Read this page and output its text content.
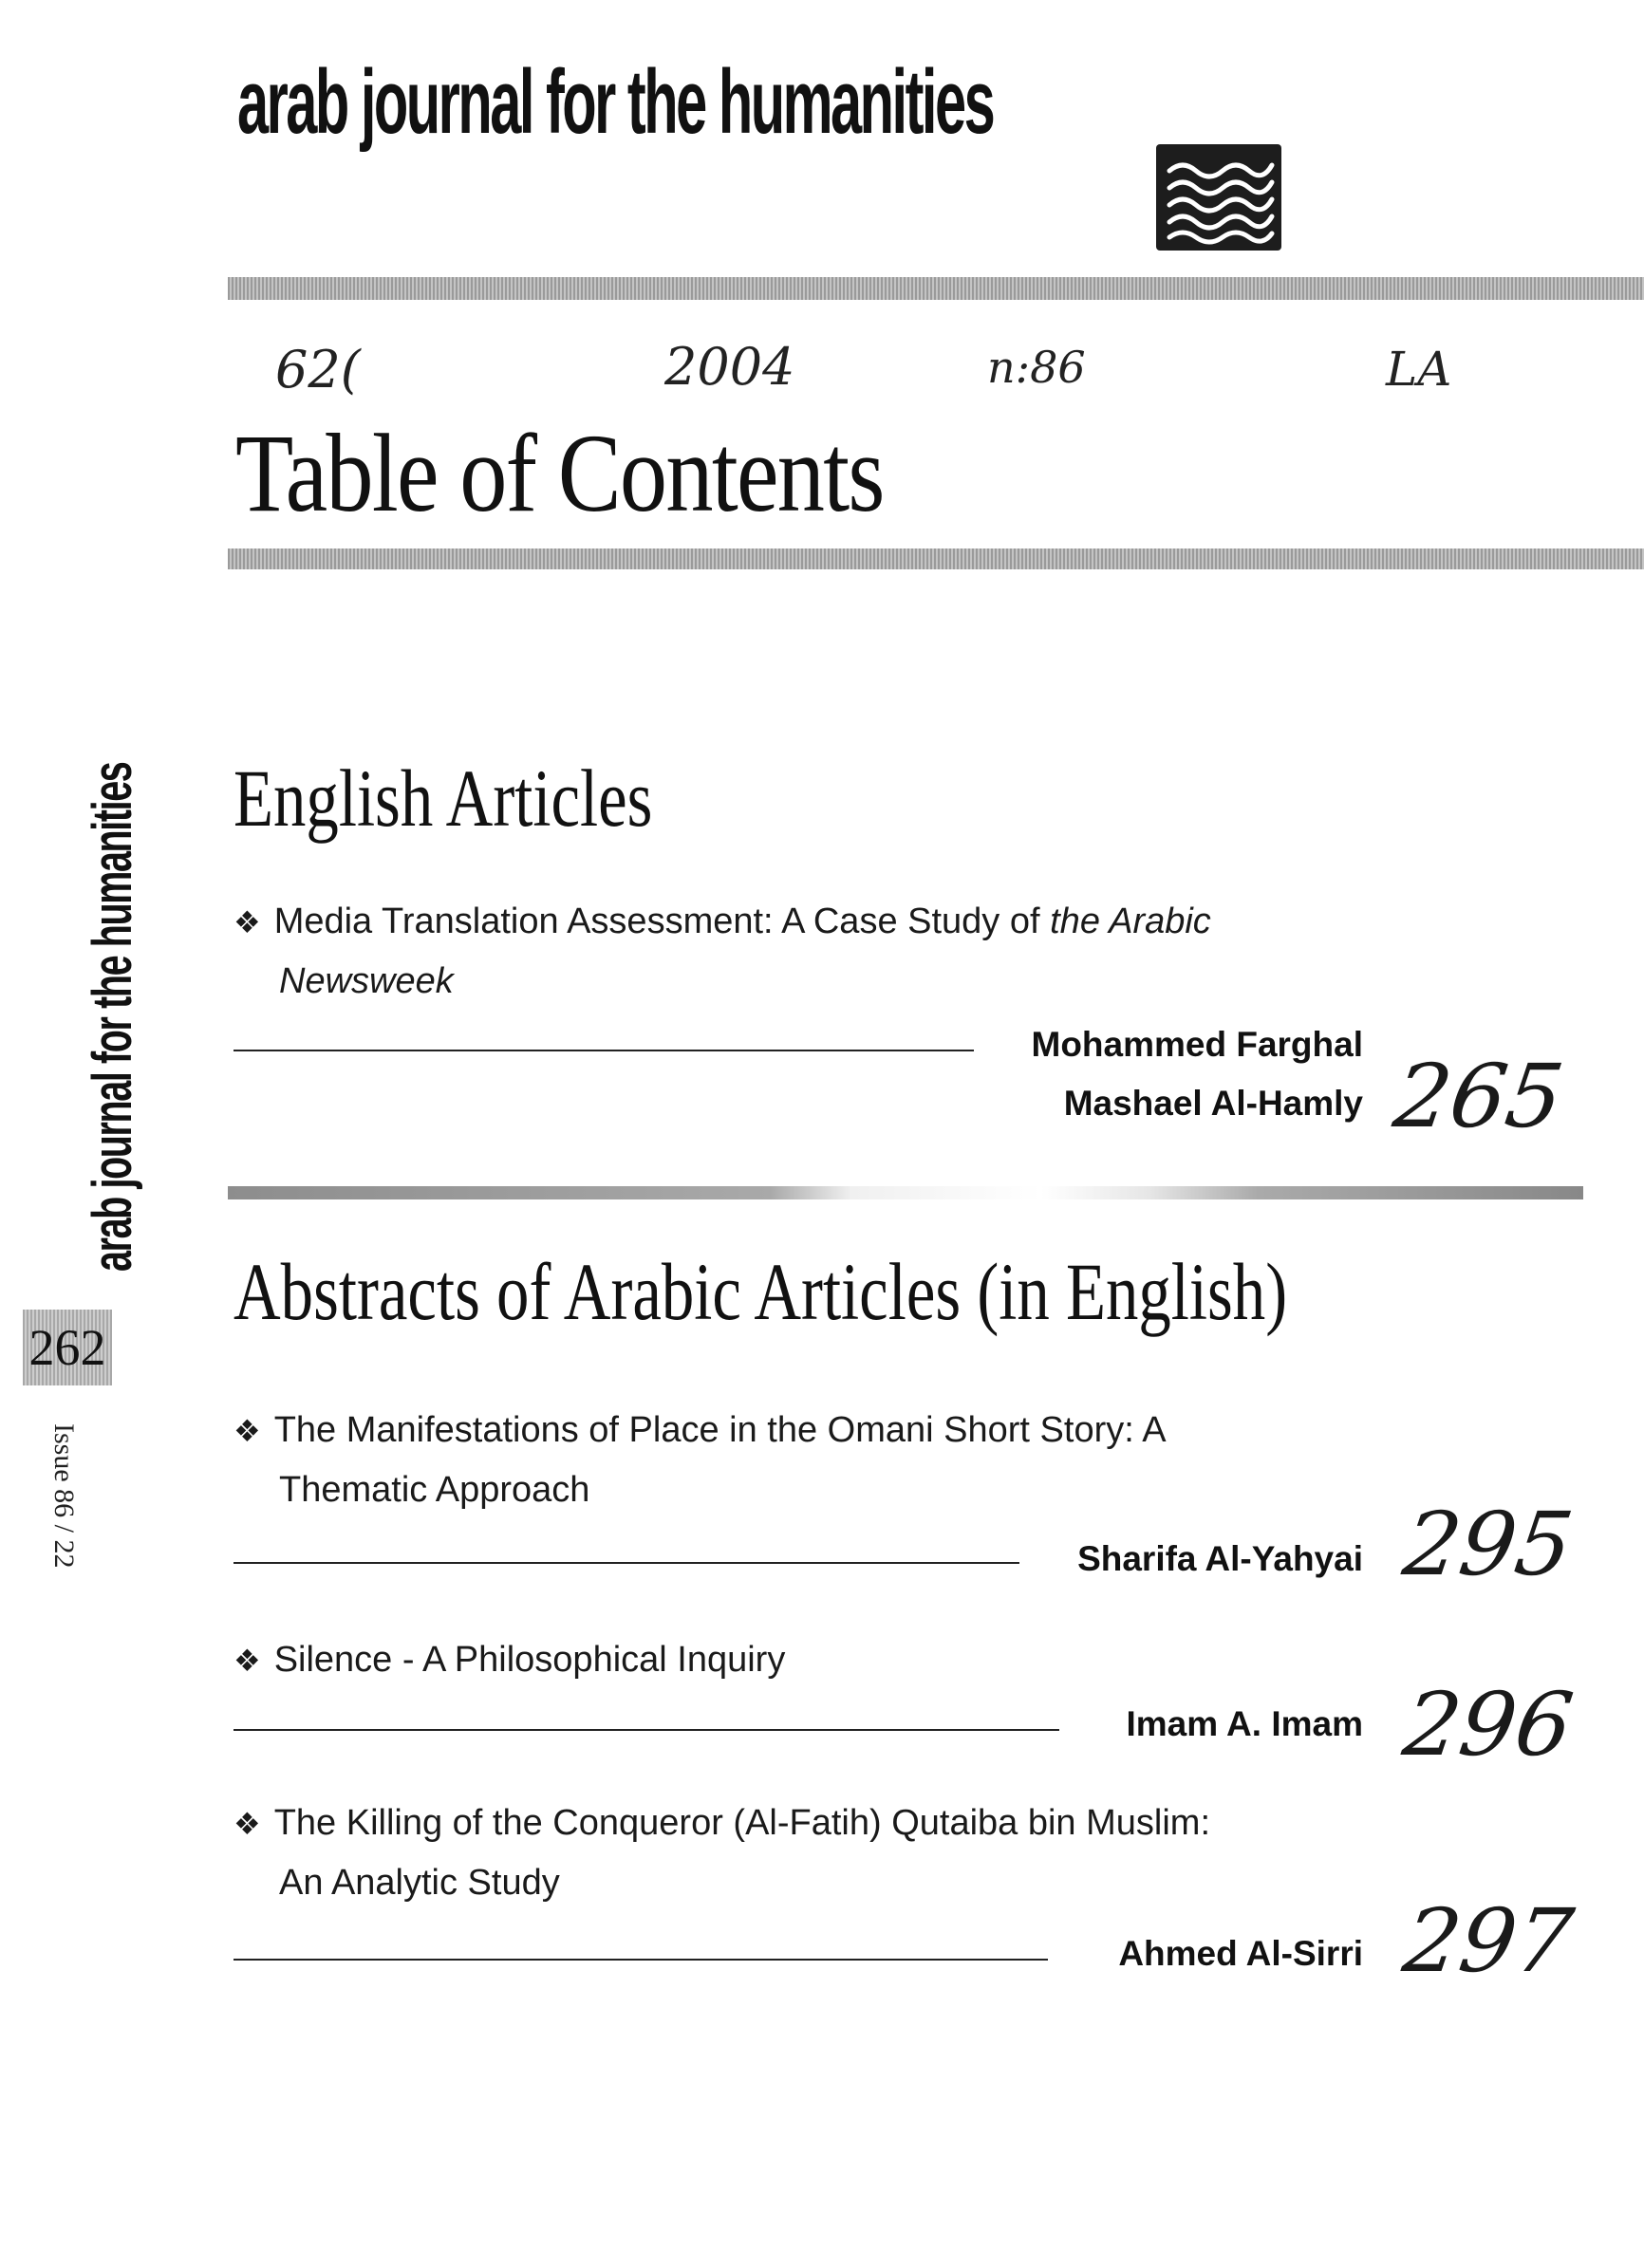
arab journal for the humanities
62(	2004	n:86	LA
Table of Contents
English Articles
❖ Media Translation Assessment: A Case Study of the Arabic
Newsweek
Mohammed Farghal
Mashael Al-Hamly 265
Abstracts of Arabic Articles (in English)
❖ The Manifestations of Place in the Omani Short Story: A
Thematic Approach
Sharifa Al-Yahyai 295
❖ Silence - A Philosophical Inquiry
Imam A. Imam 296
❖ The Killing of the Conqueror (Al-Fatih) Qutaiba bin Muslim:
An Analytic Study
Ahmed Al-Sirri 297
arab journal for the humanities
262
Issue 86 / 22
